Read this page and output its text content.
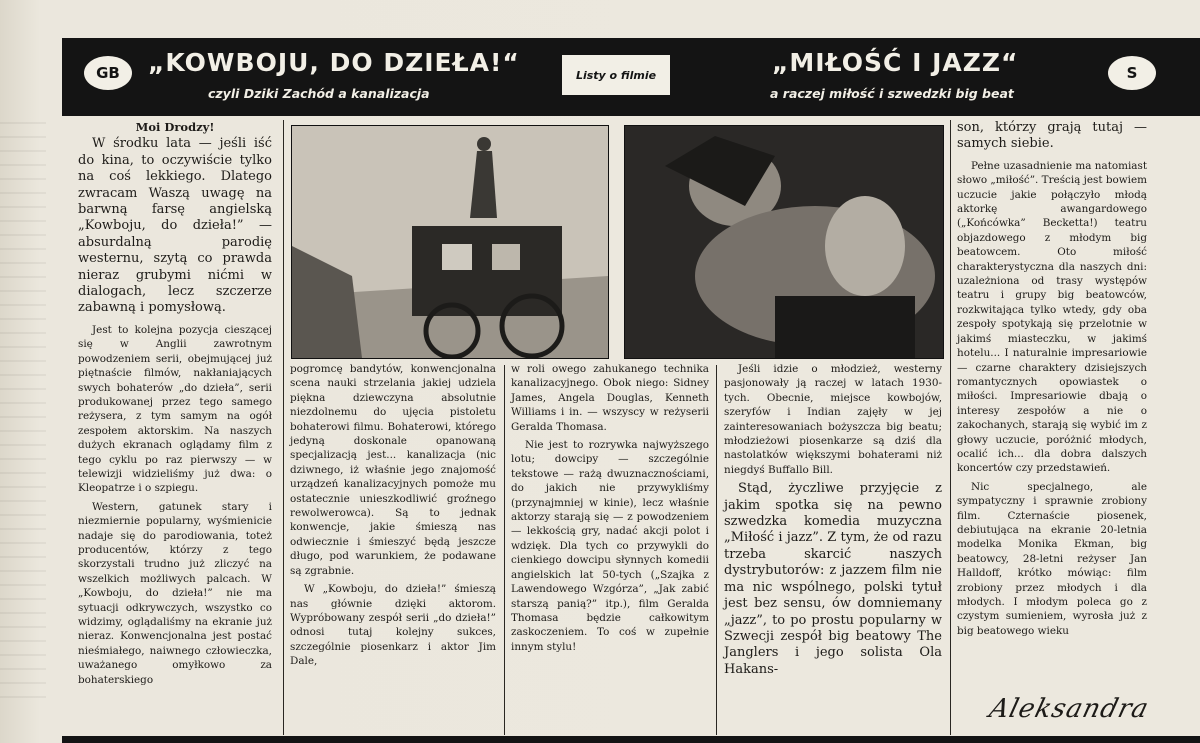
GB	„KOWBOJU, DO DZIEŁA!“
czyli Dziki Zachód a kanalizacja
Listy o filmie	„MIŁOŚĆ I JAZZ“
a raczej miłość i szwedzki big beat
S

Moi Drodzy!

W środku lata — jeśli iść do kina, to oczywiście tylko na coś lekkiego. Dlatego zwracam Waszą uwagę na barwną farsę angielską „Kowboju, do dzieła!” — absurdalną parodię westernu, szytą co prawda nieraz grubymi nićmi w dialogach, lecz szczerze zabawną i pomysłową.

Jest to kolejna pozycja cieszącej się w Anglii zawrotnym powodzeniem serii, obejmującej już piętnaście filmów, nakłaniających swych bohaterów „do dzieła”, serii produkowanej przez tego samego reżysera, z tym samym na ogół zespołem aktorskim. Na naszych dużych ekranach oglądamy film z tego cyklu po raz pierwszy — w telewizji widzieliśmy już dwa: o Kleopatrze i o szpiegu.

Western, gatunek stary i niezmiernie popularny, wyśmienicie nadaje się do parodiowania, toteż producentów, którzy z tego skorzystali trudno już zliczyć na wszelkich możliwych palcach. W „Kowboju, do dzieła!” nie ma sytuacji odkrywczych, wszystko co widzimy, oglądaliśmy na ekranie już nieraz. Konwencjonalna jest postać nieśmiałego, naiwnego człowieczka, uważanego omyłkowo za bohaterskiego

pogromcę bandytów, konwencjonalna scena nauki strzelania jakiej udziela piękna dziewczyna absolutnie niezdolnemu do ujęcia pistoletu bohaterowi filmu. Bohaterowi, którego jedyną doskonale opanowaną specjalizacją jest... kanalizacja (nic dziwnego, iż właśnie jego znajomość urządzeń kanalizacyjnych pomoże mu ostatecznie unieszkodliwić groźnego rewolwerowca). Są to jednak konwencje, jakie śmieszą nas odwiecznie i śmieszyć będą jeszcze długo, pod warunkiem, że podawane są zgrabnie.

W „Kowboju, do dzieła!” śmieszą nas głównie dzięki aktorom. Wypróbowany zespół serii „do dzieła!” odnosi tutaj kolejny sukces, szczególnie piosenkarz i aktor Jim Dale,

w roli owego zahukanego technika kanalizacyjnego. Obok niego: Sidney James, Angela Douglas, Kenneth Williams i in. — wszyscy w reżyserii Geralda Thomasa.

Nie jest to rozrywka najwyższego lotu; dowcipy — szczególnie tekstowe — rażą dwuznacznościami, do jakich nie przywykliśmy (przynajmniej w kinie), lecz właśnie aktorzy starają się — z powodzeniem — lekkością gry, nadać akcji polot i wdzięk. Dla tych co przywykli do cienkiego dowcipu słynnych komedii angielskich lat 50-tych („Szajka z Lawendowego Wzgórza”, „Jak zabić starszą panią?” itp.), film Geralda Thomasa będzie całkowitym zaskoczeniem. To coś w zupełnie innym stylu!

Jeśli idzie o młodzież, westerny pasjonowały ją raczej w latach 1930-tych. Obecnie, miejsce kowbojów, szeryfów i Indian zajęły w jej zainteresowaniach bożyszcza big beatu; młodzieżowi piosenkarze są dziś dla nastolatków większymi bohaterami niż niegdyś Buffallo Bill.

Stąd, życzliwe przyjęcie z jakim spotka się na pewno szwedzka komedia muzyczna „Miłość i jazz”. Z tym, że od razu trzeba skarcić naszych dystrybutorów: z jazzem film nie ma nic wspólnego, polski tytuł jest bez sensu, ów domniemany „jazz”, to po prostu popularny w Szwecji zespół big beatowy The Janglers i jego solista Ola Hakans-

son, którzy grają tutaj — samych siebie.

Pełne uzasadnienie ma natomiast słowo „miłość”. Treścią jest bowiem uczucie jakie połączyło młodą aktorkę awangardowego („Końcówka” Becketta!) teatru objazdowego z młodym big beatowcem. Oto miłość charakterystyczna dla naszych dni: uzależniona od trasy występów teatru i grupy big beatowców, rozkwitająca tylko wtedy, gdy oba zespoły spotykają się przelotnie w jakimś miasteczku, w jakimś hotelu... I naturalnie impresariowie — czarne charaktery dzisiejszych romantycznych opowiastek o miłości. Impresariowie dbają o interesy zespołów a nie o zakochanych, starają się wybić im z głowy uczucie, poróżnić młodych, ocalić ich... dla dobra dalszych koncertów czy przedstawień.

Nic specjalnego, ale sympatyczny i sprawnie zrobiony film. Czternaście piosenek, debiutująca na ekranie 20-letnia modelka Monika Ekman, big beatowcy, 28-letni reżyser Jan Halldoff, krótko mówiąc: film zrobiony przez młodych i dla młodych. I młodym poleca go z czystym sumieniem, wyrosła już z big beatowego wieku

Aleksandra
